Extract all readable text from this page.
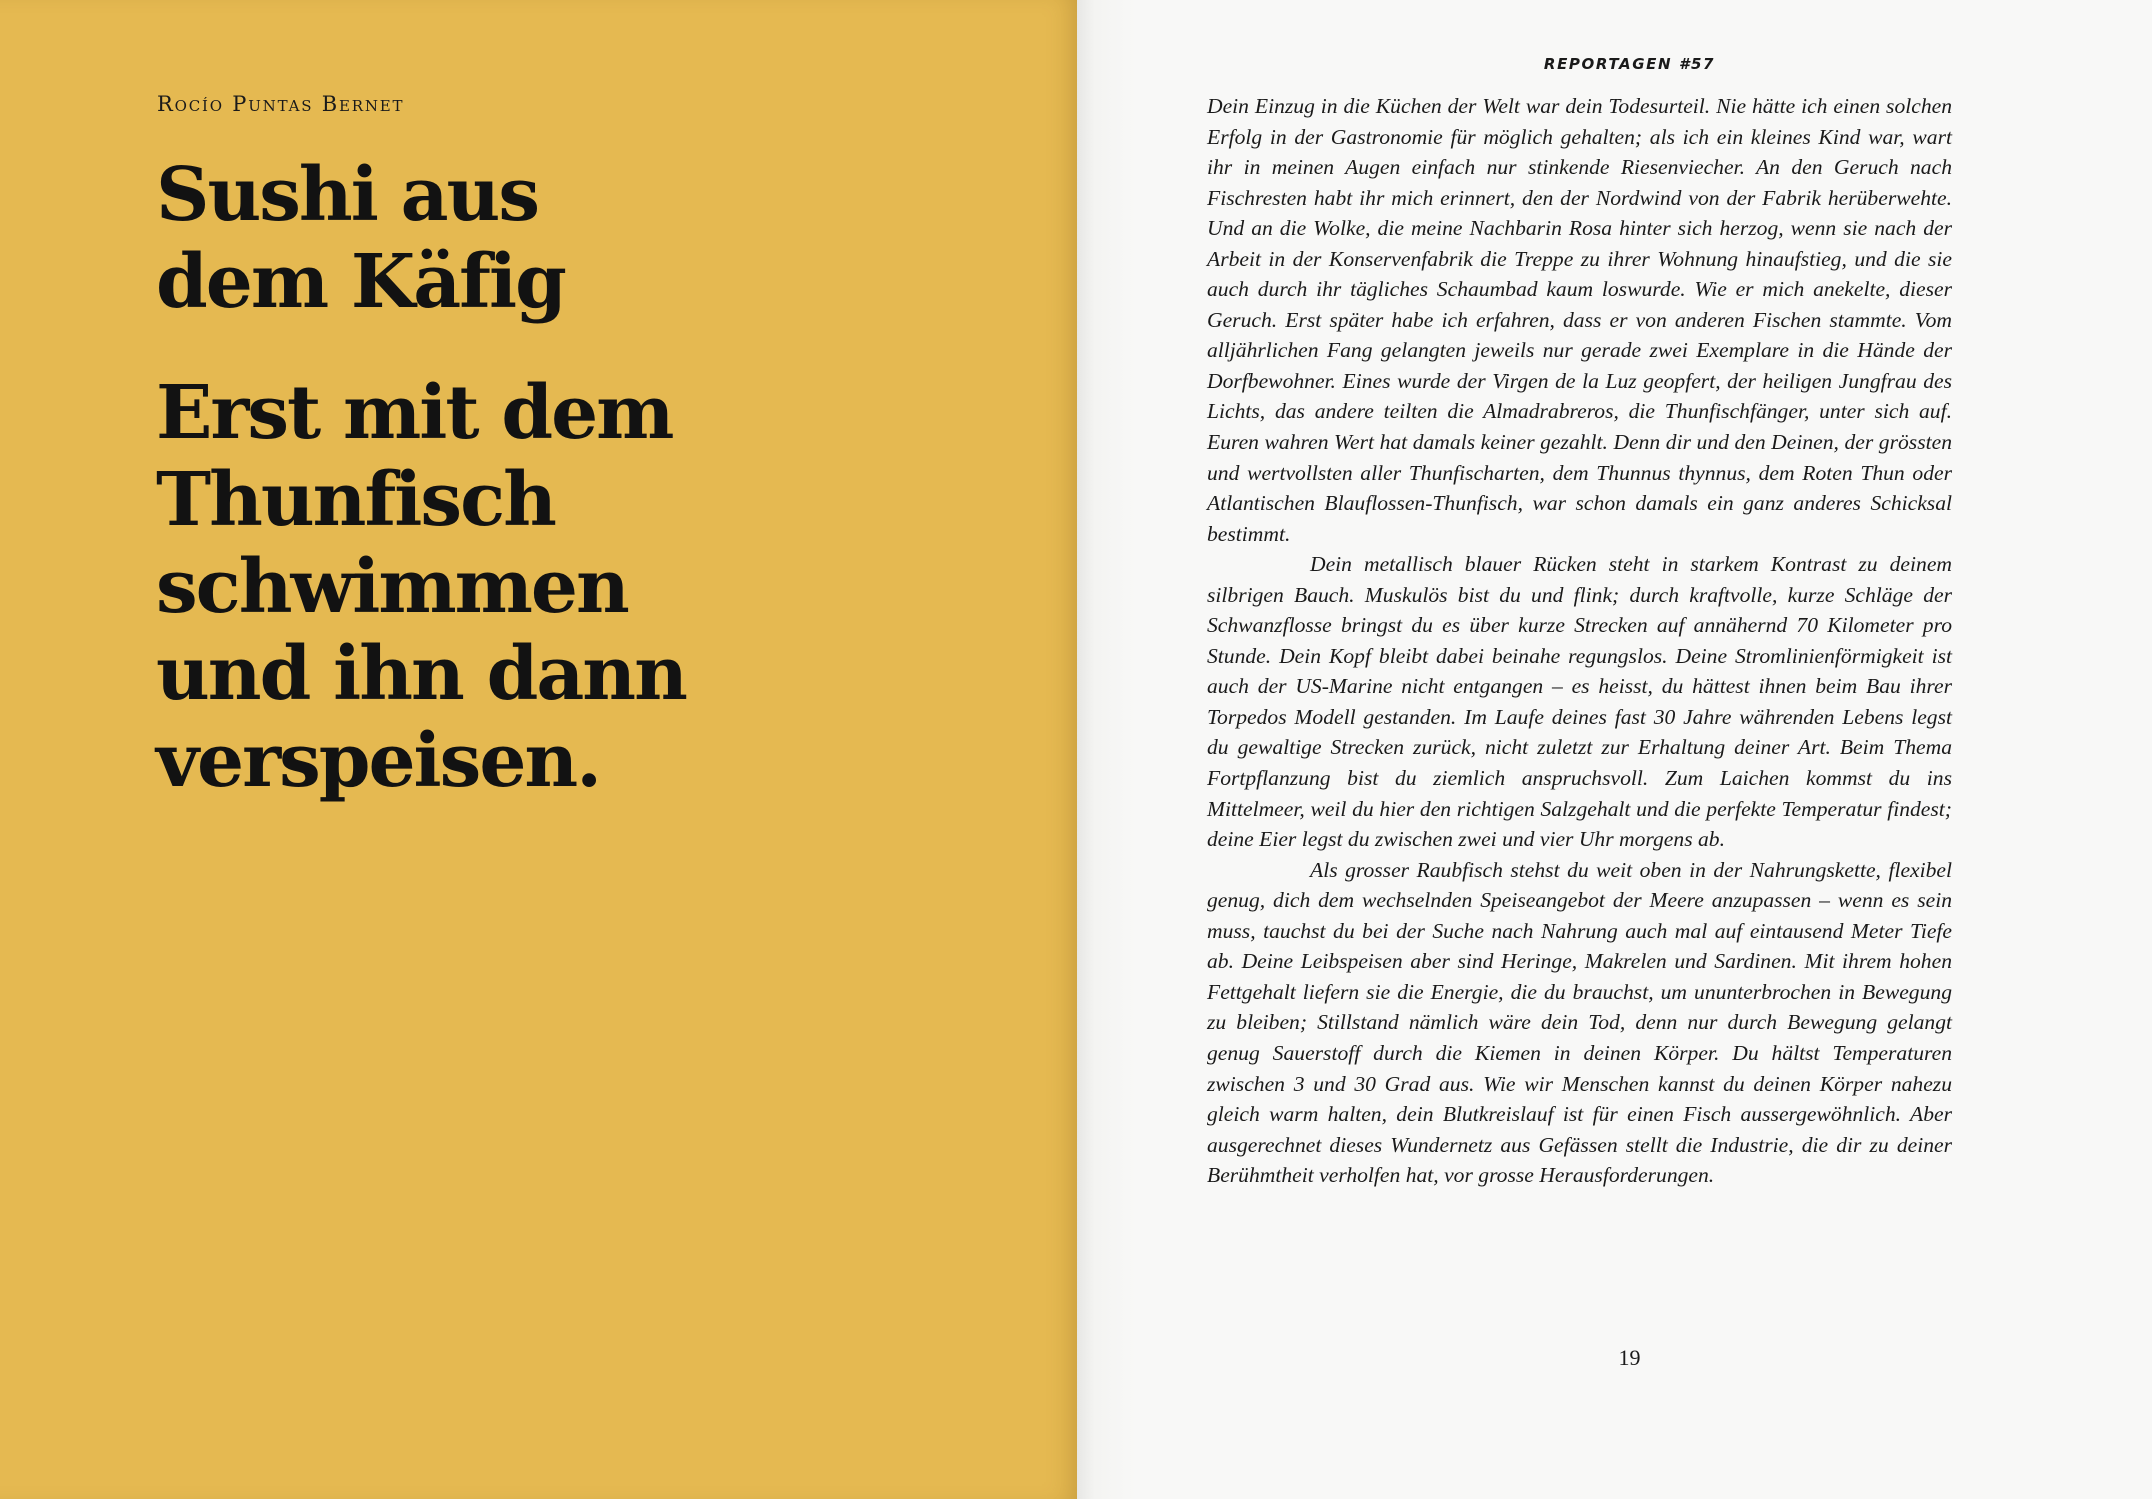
Rocío Puntas Bernet

Sushi aus
dem Käfig
Erst mit dem
Thunfisch
schwimmen
und ihn dann
verspeisen.
REPORTAGEN #57

Dein Einzug in die Küchen der Welt war dein Todesurteil. Nie hätte ich einen solchen Erfolg in der Gastronomie für möglich gehalten; als ich ein kleines Kind war, wart ihr in meinen Augen einfach nur stinkende Riesenviecher. An den Geruch nach Fischresten habt ihr mich erinnert, den der Nordwind von der Fabrik herüberwehte. Und an die Wolke, die meine Nachbarin Rosa hinter sich herzog, wenn sie nach der Arbeit in der Konservenfabrik die Treppe zu ihrer Wohnung hinaufstieg, und die sie auch durch ihr tägliches Schaumbad kaum loswurde. Wie er mich anekelte, dieser Geruch. Erst später habe ich erfahren, dass er von anderen Fischen stammte. Vom alljährlichen Fang gelangten jeweils nur gerade zwei Exemplare in die Hände der Dorfbewohner. Eines wurde der Virgen de la Luz geopfert, der heiligen Jungfrau des Lichts, das andere teilten die Almadrabreros, die Thunfischfänger, unter sich auf. Euren wahren Wert hat damals keiner gezahlt. Denn dir und den Deinen, der grössten und wertvollsten aller Thunfischarten, dem Thunnus thynnus, dem Roten Thun oder Atlantischen Blauflossen-Thunfisch, war schon damals ein ganz anderes Schicksal bestimmt.

Dein metallisch blauer Rücken steht in starkem Kontrast zu deinem silbrigen Bauch. Muskulös bist du und flink; durch kraftvolle, kurze Schläge der Schwanzflosse bringst du es über kurze Strecken auf annähernd 70 Kilometer pro Stunde. Dein Kopf bleibt dabei beinahe regungslos. Deine Stromlinienförmigkeit ist auch der US-Marine nicht entgangen – es heisst, du hättest ihnen beim Bau ihrer Torpedos Modell gestanden. Im Laufe deines fast 30 Jahre währenden Lebens legst du gewaltige Strecken zurück, nicht zuletzt zur Erhaltung deiner Art. Beim Thema Fortpflanzung bist du ziemlich anspruchsvoll. Zum Laichen kommst du ins Mittelmeer, weil du hier den richtigen Salzgehalt und die perfekte Temperatur findest; deine Eier legst du zwischen zwei und vier Uhr morgens ab.

Als grosser Raubfisch stehst du weit oben in der Nahrungskette, flexibel genug, dich dem wechselnden Speiseangebot der Meere anzupassen – wenn es sein muss, tauchst du bei der Suche nach Nahrung auch mal auf eintausend Meter Tiefe ab. Deine Leibspeisen aber sind Heringe, Makrelen und Sardinen. Mit ihrem hohen Fettgehalt liefern sie die Energie, die du brauchst, um ununterbrochen in Bewegung zu bleiben; Stillstand nämlich wäre dein Tod, denn nur durch Bewegung gelangt genug Sauerstoff durch die Kiemen in deinen Körper. Du hältst Temperaturen zwischen 3 und 30 Grad aus. Wie wir Menschen kannst du deinen Körper nahezu gleich warm halten, dein Blutkreislauf ist für einen Fisch aussergewöhnlich. Aber ausgerechnet dieses Wundernetz aus Gefässen stellt die Industrie, die dir zu deiner Berühmtheit verholfen hat, vor grosse Herausforderungen.

19
